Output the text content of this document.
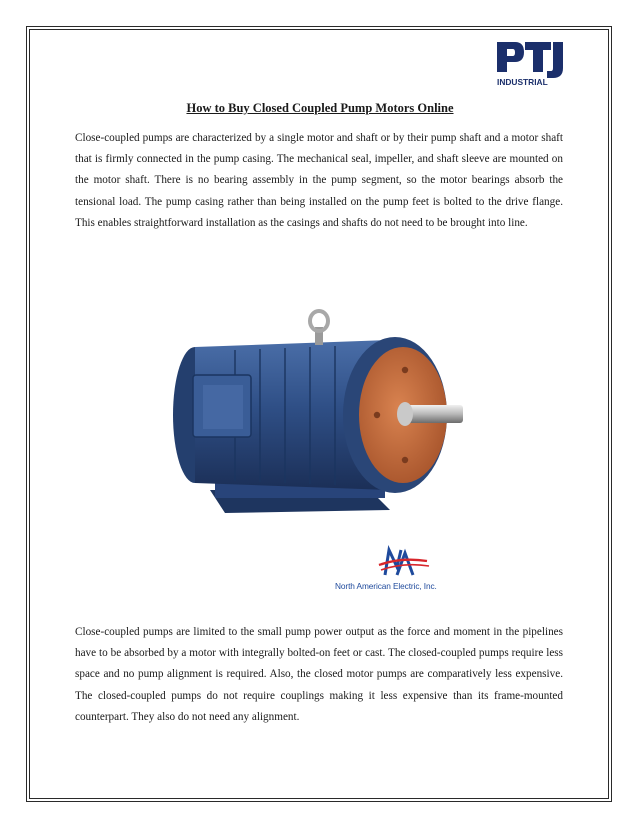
INDUSTRIAL
How to Buy Closed Coupled Pump Motors Online

Close-coupled pumps are characterized by a single motor and shaft or by their pump shaft and a motor shaft that is firmly connected in the pump casing. The mechanical seal, impeller, and shaft sleeve are mounted on the motor shaft. There is no bearing assembly in the pump segment, so the motor bearings absorb the tensional load. The pump casing rather than being installed on the pump feet is bolted to the drive flange. This enables straightforward installation as the casings and shafts do not need to be brought into line.

North American Electric, Inc.

Close-coupled pumps are limited to the small pump power output as the force and moment in the pipelines have to be absorbed by a motor with integrally bolted-on feet or cast. The closed-coupled pumps require less space and no pump alignment is required. Also, the closed motor pumps are comparatively less expensive. The closed-coupled pumps do not require couplings making it less expensive than its frame-mounted counterpart. They also do not need any alignment.
